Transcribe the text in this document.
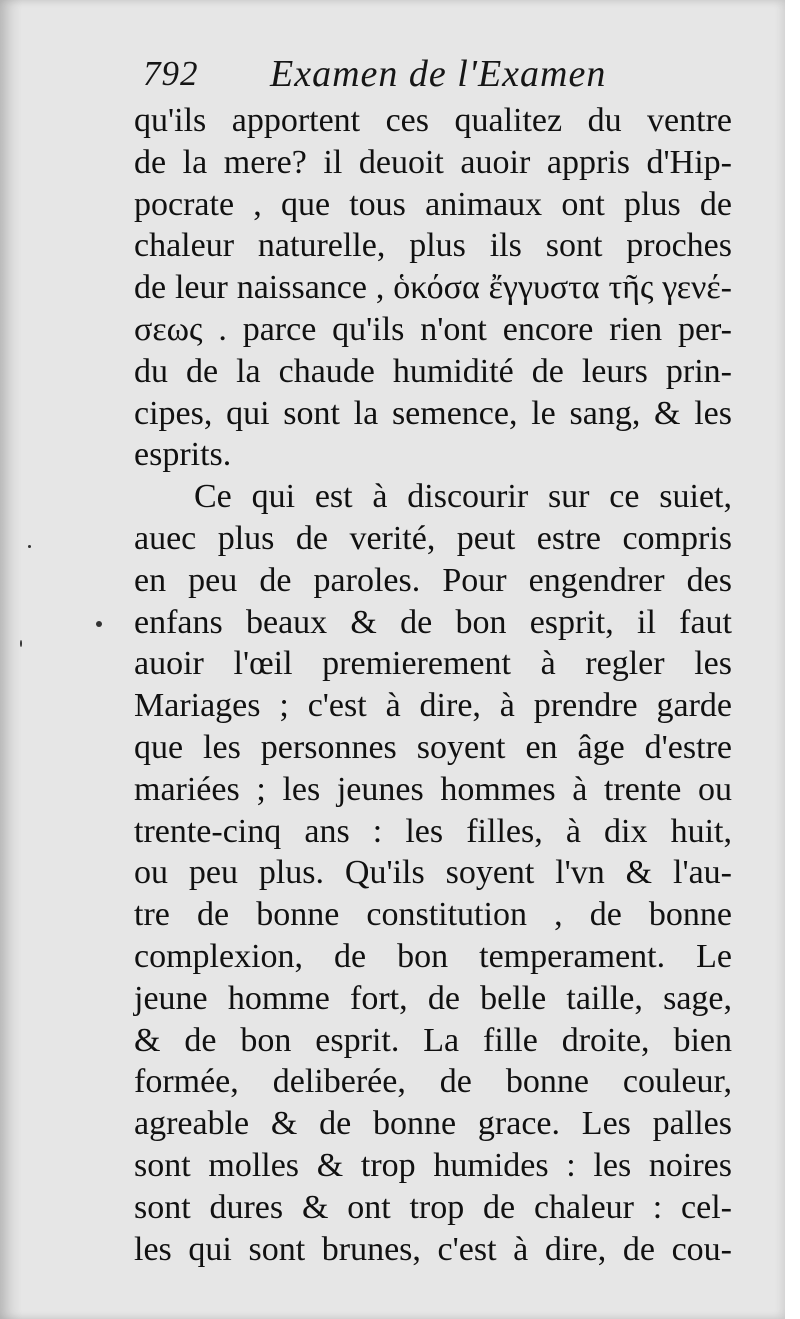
792 Examen de l'Examen
qu'ils apportent ces qualitez du ventre
de la mere? il deuoit auoir appris d'Hip-
pocrate , que tous animaux ont plus de
chaleur naturelle, plus ils sont proches
de leur naissance , ὁκόσα ἔγγυστα τῆς γενέ-
σεως . parce qu'ils n'ont encore rien per-
du de la chaude humidité de leurs prin-
cipes, qui sont la semence, le sang, & les
esprits.
Ce qui est à discourir sur ce suiet,
auec plus de verité, peut estre compris
en peu de paroles. Pour engendrer des
enfans beaux & de bon esprit, il faut
auoir l'œil premierement à regler les
Mariages ; c'est à dire, à prendre garde
que les personnes soyent en âge d'estre
mariées ; les jeunes hommes à trente ou
trente-cinq ans : les filles, à dix huit,
ou peu plus. Qu'ils soyent l'vn & l'au-
tre de bonne constitution , de bonne
complexion, de bon temperament. Le
jeune homme fort, de belle taille, sage,
& de bon esprit. La fille droite, bien
formée, deliberée, de bonne couleur,
agreable & de bonne grace. Les palles
sont molles & trop humides : les noires
sont dures & ont trop de chaleur : cel-
les qui sont brunes, c'est à dire, de cou-
